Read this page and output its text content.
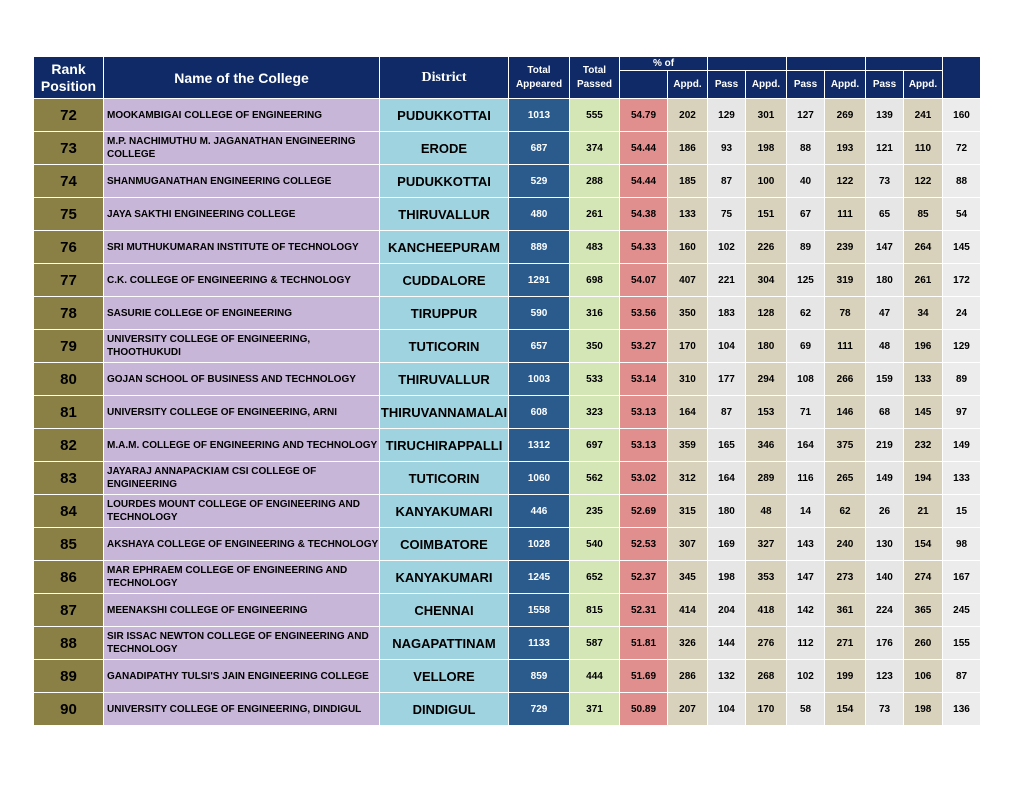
Rank Position	Name of the College	District	Total Appeared	Total Passed	% of								
						Appd.	Pass	Appd.	Pass	Appd.	Pass	Appd.	
72	MOOKAMBIGAI COLLEGE OF ENGINEERING	PUDUKKOTTAI	1013	555	54.79	202	129	301	127	269	139	241	160
73	M.P. NACHIMUTHU M. JAGANATHAN ENGINEERING COLLEGE	ERODE	687	374	54.44	186	93	198	88	193	121	110	72
74	SHANMUGANATHAN ENGINEERING COLLEGE	PUDUKKOTTAI	529	288	54.44	185	87	100	40	122	73	122	88
75	JAYA SAKTHI ENGINEERING COLLEGE	THIRUVALLUR	480	261	54.38	133	75	151	67	111	65	85	54
76	SRI MUTHUKUMARAN INSTITUTE OF TECHNOLOGY	KANCHEEPURAM	889	483	54.33	160	102	226	89	239	147	264	145
77	C.K. COLLEGE OF ENGINEERING & TECHNOLOGY	CUDDALORE	1291	698	54.07	407	221	304	125	319	180	261	172
78	SASURIE COLLEGE OF ENGINEERING	TIRUPPUR	590	316	53.56	350	183	128	62	78	47	34	24
79	UNIVERSITY COLLEGE OF ENGINEERING, THOOTHUKUDI	TUTICORIN	657	350	53.27	170	104	180	69	111	48	196	129
80	GOJAN SCHOOL OF BUSINESS AND TECHNOLOGY	THIRUVALLUR	1003	533	53.14	310	177	294	108	266	159	133	89
81	UNIVERSITY COLLEGE OF ENGINEERING, ARNI	THIRUVANNAMALAI	608	323	53.13	164	87	153	71	146	68	145	97
82	M.A.M. COLLEGE OF ENGINEERING AND TECHNOLOGY	TIRUCHIRAPPALLI	1312	697	53.13	359	165	346	164	375	219	232	149
83	JAYARAJ ANNAPACKIAM CSI COLLEGE OF ENGINEERING	TUTICORIN	1060	562	53.02	312	164	289	116	265	149	194	133
84	LOURDES MOUNT COLLEGE OF ENGINEERING AND TECHNOLOGY	KANYAKUMARI	446	235	52.69	315	180	48	14	62	26	21	15
85	AKSHAYA COLLEGE OF ENGINEERING & TECHNOLOGY	COIMBATORE	1028	540	52.53	307	169	327	143	240	130	154	98
86	MAR EPHRAEM COLLEGE OF ENGINEERING AND TECHNOLOGY	KANYAKUMARI	1245	652	52.37	345	198	353	147	273	140	274	167
87	MEENAKSHI COLLEGE OF ENGINEERING	CHENNAI	1558	815	52.31	414	204	418	142	361	224	365	245
88	SIR ISSAC NEWTON COLLEGE OF ENGINEERING AND TECHNOLOGY	NAGAPATTINAM	1133	587	51.81	326	144	276	112	271	176	260	155
89	GANADIPATHY TULSI'S JAIN ENGINEERING COLLEGE	VELLORE	859	444	51.69	286	132	268	102	199	123	106	87
90	UNIVERSITY COLLEGE OF ENGINEERING, DINDIGUL	DINDIGUL	729	371	50.89	207	104	170	58	154	73	198	136
